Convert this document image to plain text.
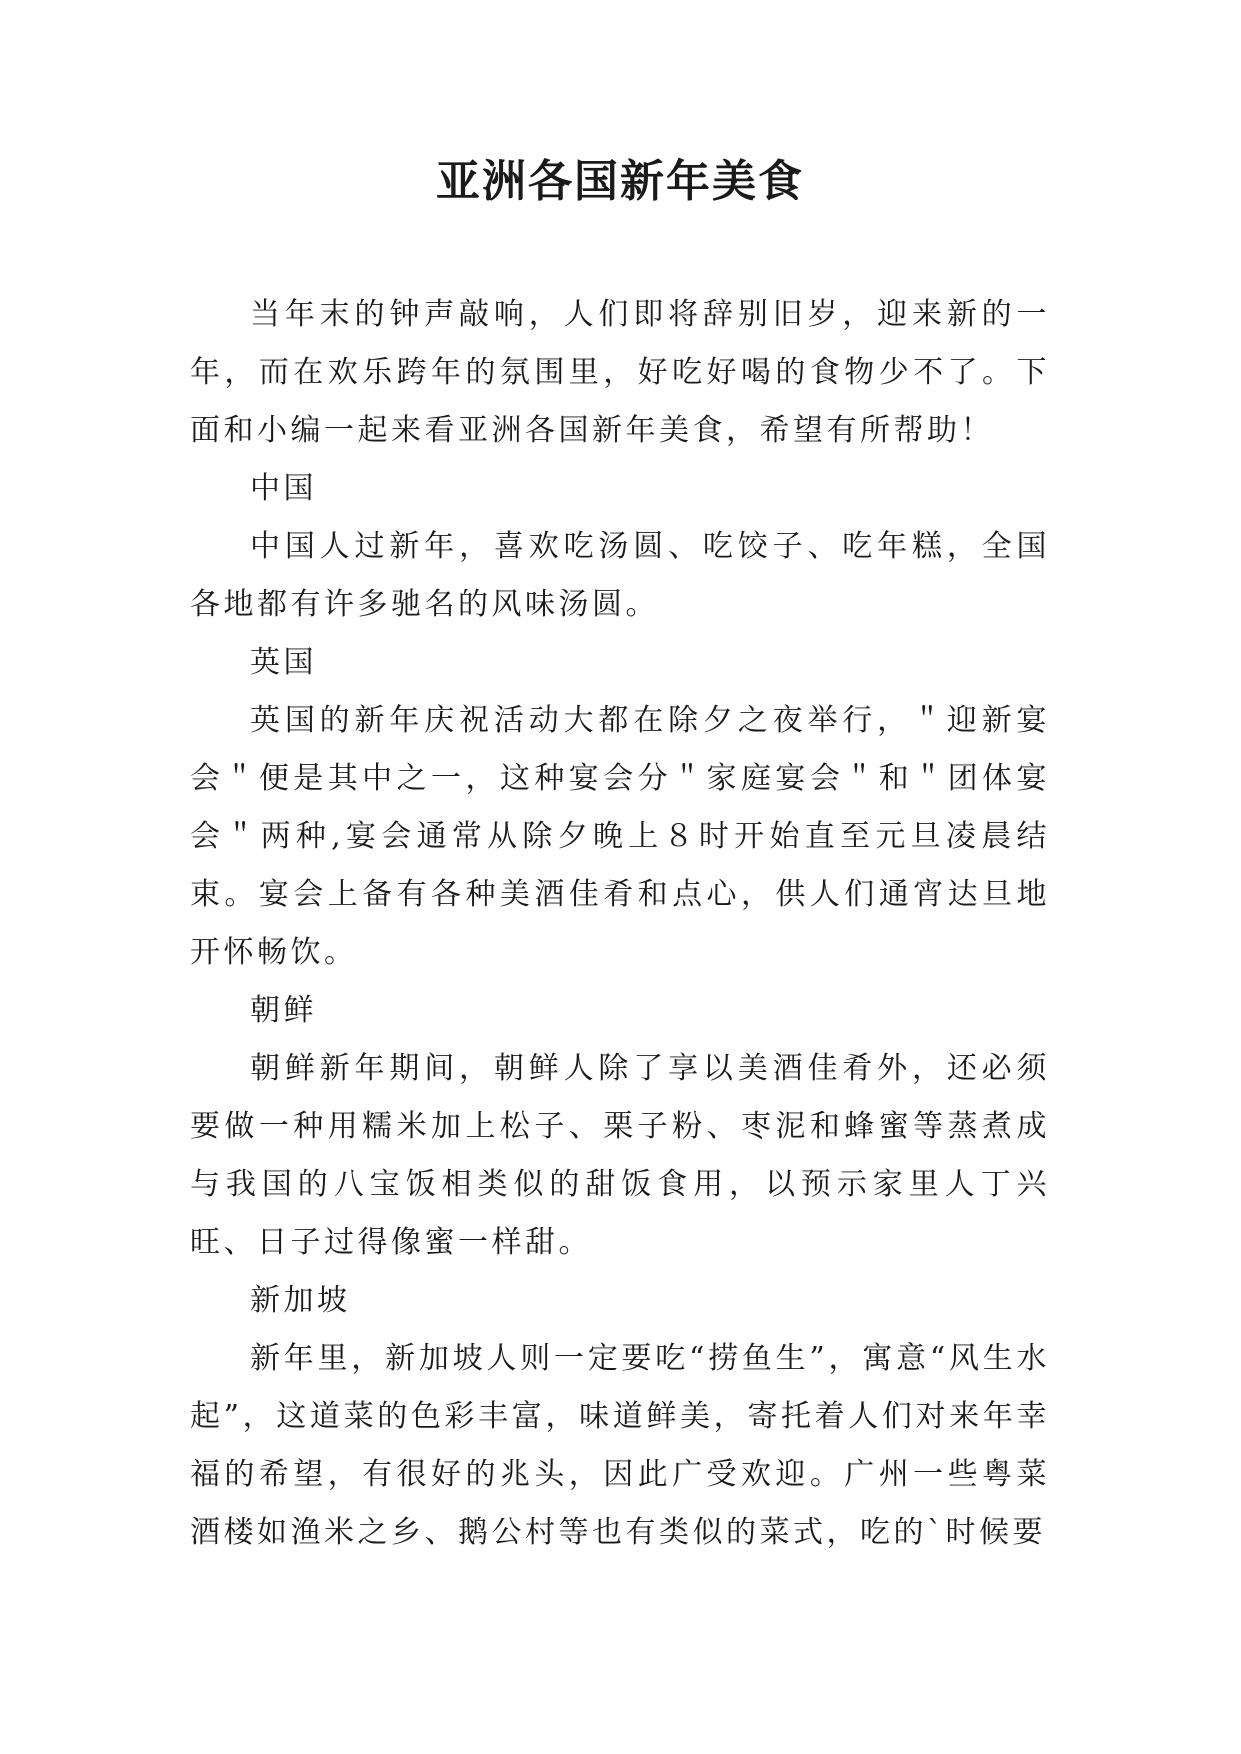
亚洲各国新年美食

当年末的钟声敲响，人们即将辞别旧岁，迎来新的一年，而在欢乐跨年的氛围里，好吃好喝的食物少不了。下面和小编一起来看亚洲各国新年美食，希望有所帮助！

中国

中国人过新年，喜欢吃汤圆、吃饺子、吃年糕，全国各地都有许多驰名的风味汤圆。

英国

英国的新年庆祝活动大都在除夕之夜举行，＂迎新宴会＂便是其中之一，这种宴会分＂家庭宴会＂和＂团体宴会＂两种,宴会通常从除夕晚上８时开始直至元旦凌晨结束。宴会上备有各种美酒佳肴和点心，供人们通宵达旦地开怀畅饮。

朝鲜

朝鲜新年期间，朝鲜人除了享以美酒佳肴外，还必须要做一种用糯米加上松子、栗子粉、枣泥和蜂蜜等蒸煮成与我国的八宝饭相类似的甜饭食用，以预示家里人丁兴旺、日子过得像蜜一样甜。

新加坡

新年里，新加坡人则一定要吃“捞鱼生”，寓意“风生水起”，这道菜的色彩丰富，味道鲜美，寄托着人们对来年幸福的希望，有很好的兆头，因此广受欢迎。广州一些粤菜酒楼如渔米之乡、鹅公村等也有类似的菜式，吃的`时候要
